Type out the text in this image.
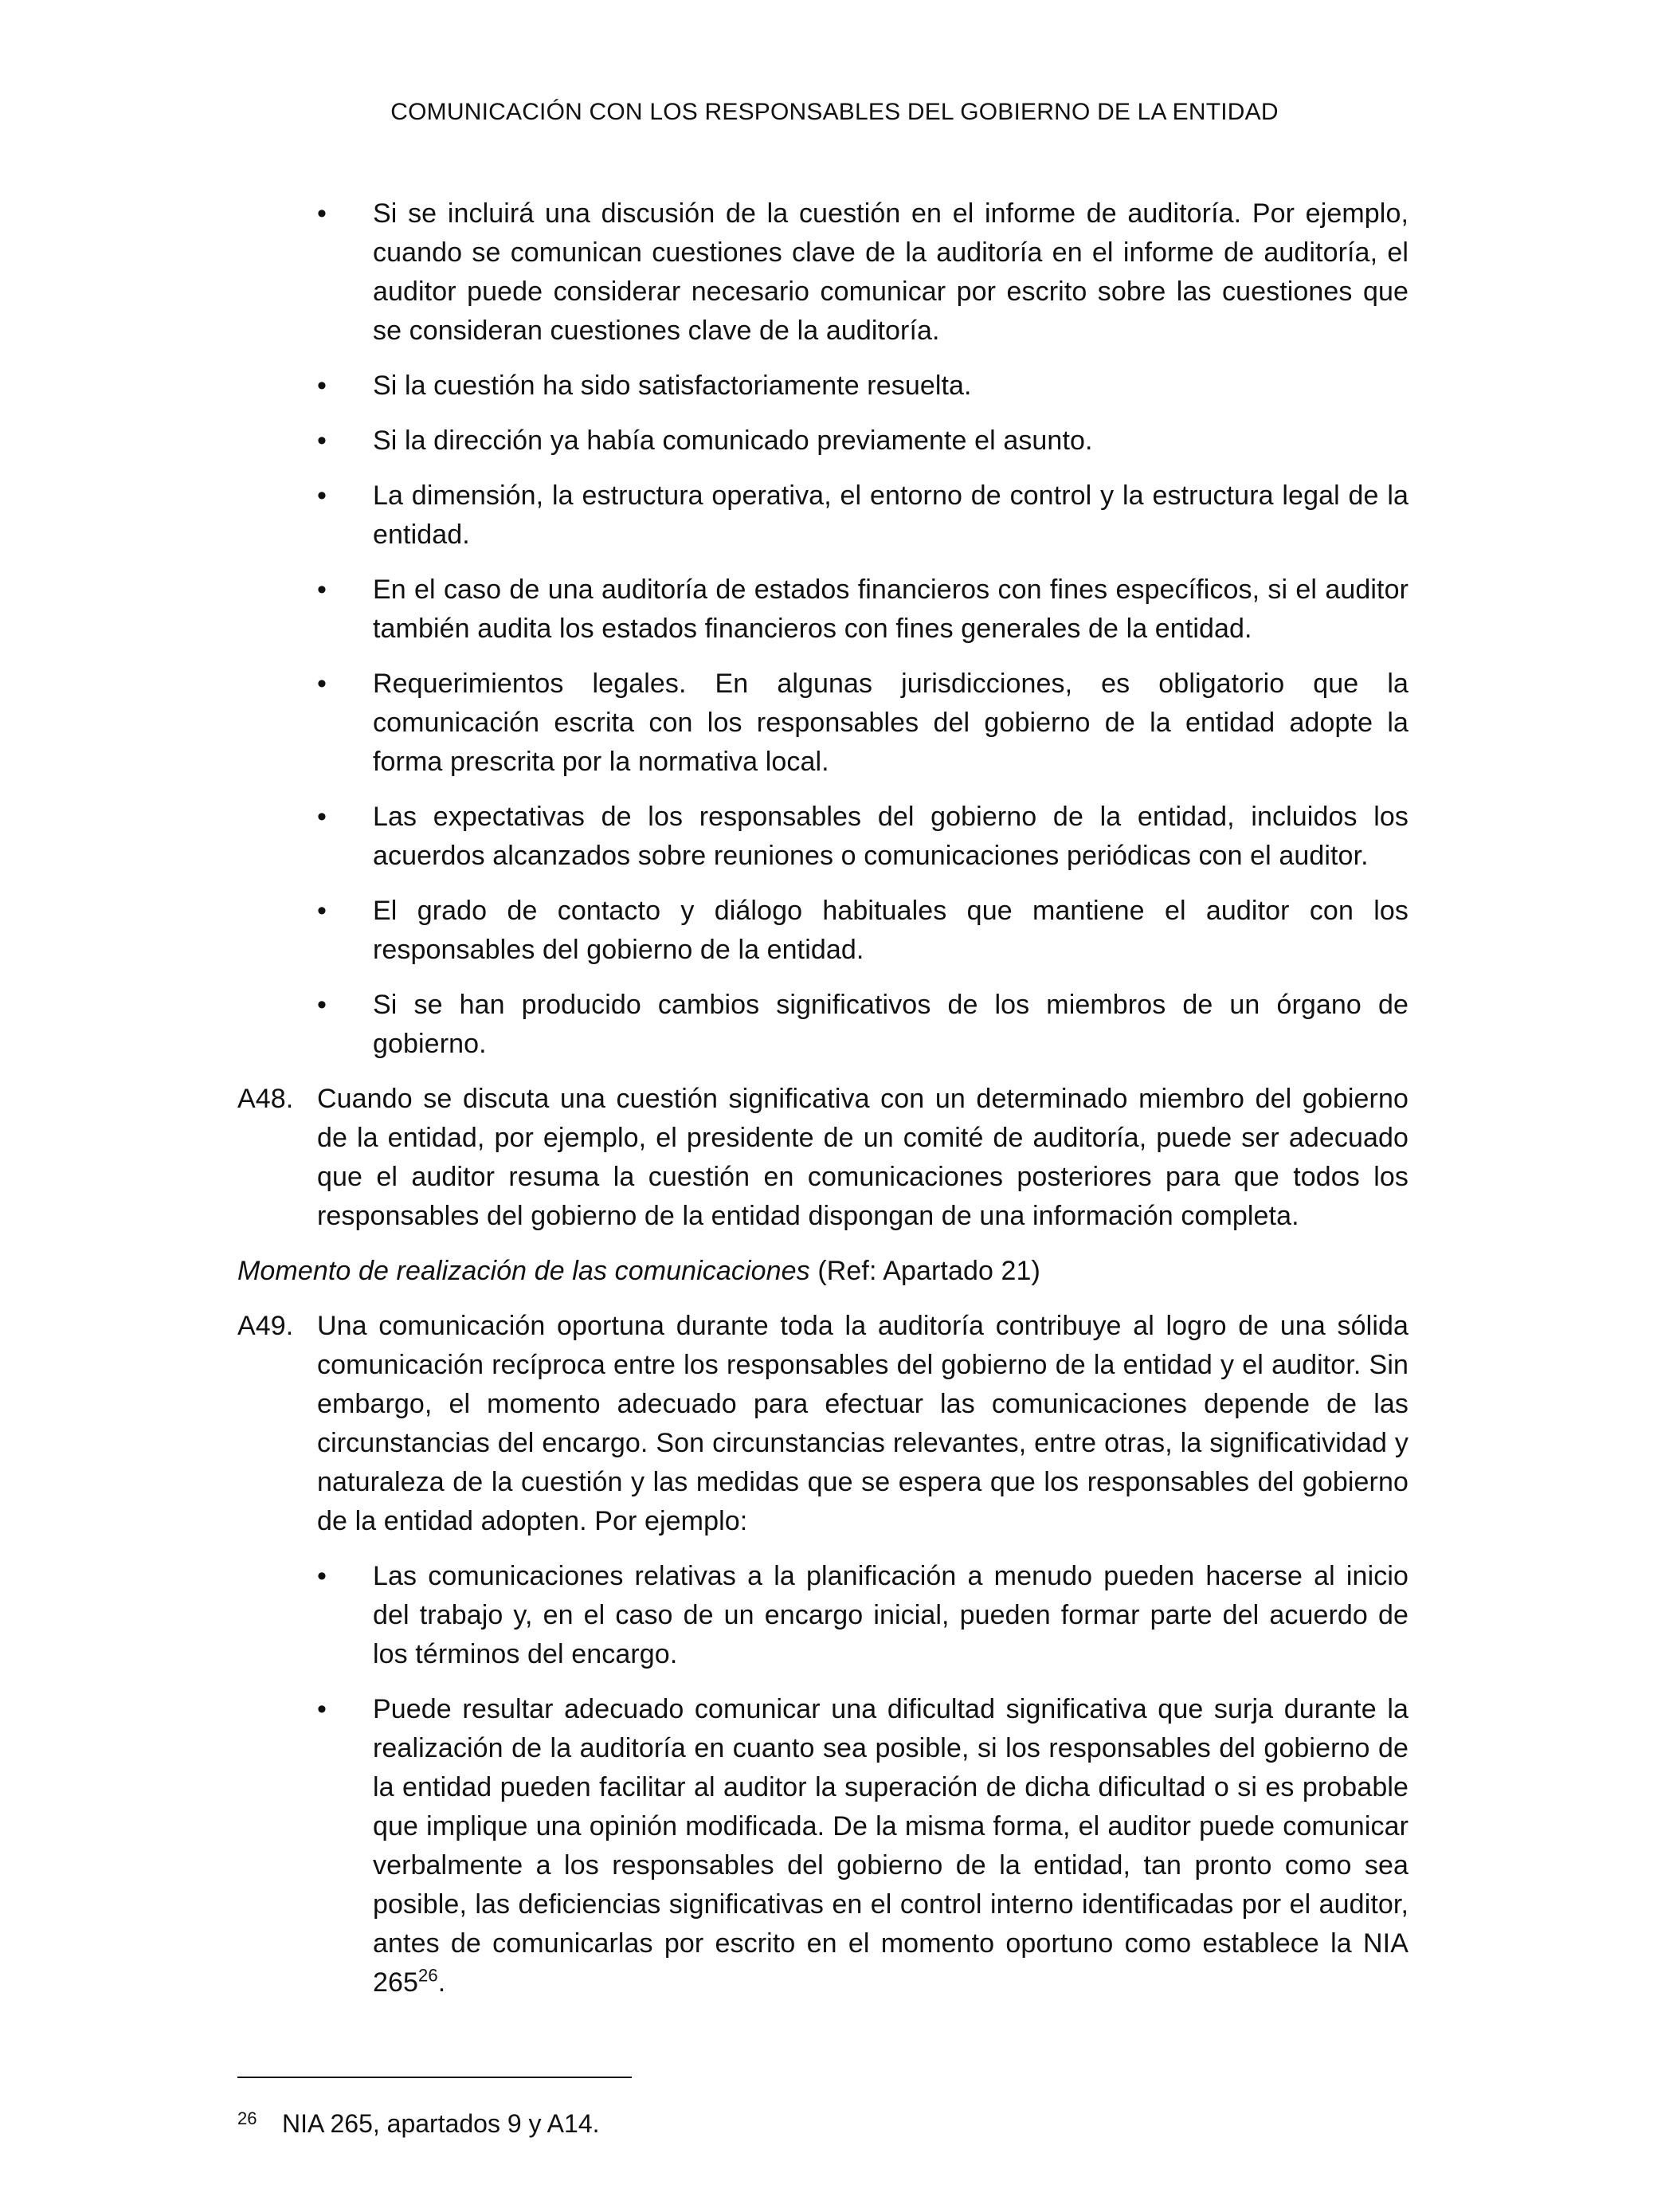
COMUNICACIÓN CON LOS RESPONSABLES DEL GOBIERNO DE LA ENTIDAD
•	Si se incluirá una discusión de la cuestión en el informe de auditoría. Por ejemplo, cuando se comunican cuestiones clave de la auditoría en el informe de auditoría, el auditor puede considerar necesario comunicar por escrito sobre las cuestiones que se consideran cuestiones clave de la auditoría.
•	Si la cuestión ha sido satisfactoriamente resuelta.
•	Si la dirección ya había comunicado previamente el asunto.
•	La dimensión, la estructura operativa, el entorno de control y la estructura legal de la entidad.
•	En el caso de una auditoría de estados financieros con fines específicos, si el auditor también audita los estados financieros con fines generales de la entidad.
•	Requerimientos legales. En algunas jurisdicciones, es obligatorio que la comunicación escrita con los responsables del gobierno de la entidad adopte la forma prescrita por la normativa local.
•	Las expectativas de los responsables del gobierno de la entidad, incluidos los acuerdos alcanzados sobre reuniones o comunicaciones periódicas con el auditor.
•	El grado de contacto y diálogo habituales que mantiene el auditor con los responsables del gobierno de la entidad.
•	Si se han producido cambios significativos de los miembros de un órgano de gobierno.
A48. Cuando se discuta una cuestión significativa con un determinado miembro del gobierno de la entidad, por ejemplo, el presidente de un comité de auditoría, puede ser adecuado que el auditor resuma la cuestión en comunicaciones posteriores para que todos los responsables del gobierno de la entidad dispongan de una información completa.
Momento de realización de las comunicaciones (Ref: Apartado 21)
A49. Una comunicación oportuna durante toda la auditoría contribuye al logro de una sólida comunicación recíproca entre los responsables del gobierno de la entidad y el auditor. Sin embargo, el momento adecuado para efectuar las comunicaciones depende de las circunstancias del encargo. Son circunstancias relevantes, entre otras, la significatividad y naturaleza de la cuestión y las medidas que se espera que los responsables del gobierno de la entidad adopten. Por ejemplo:
•	Las comunicaciones relativas a la planificación a menudo pueden hacerse al inicio del trabajo y, en el caso de un encargo inicial, pueden formar parte del acuerdo de los términos del encargo.
•	Puede resultar adecuado comunicar una dificultad significativa que surja durante la realización de la auditoría en cuanto sea posible, si los responsables del gobierno de la entidad pueden facilitar al auditor la superación de dicha dificultad o si es probable que implique una opinión modificada. De la misma forma, el auditor puede comunicar verbalmente a los responsables del gobierno de la entidad, tan pronto como sea posible, las deficiencias significativas en el control interno identificadas por el auditor, antes de comunicarlas por escrito en el momento oportuno como establece la NIA $265^{26}$.
26 NIA 265, apartados 9 y A14.
